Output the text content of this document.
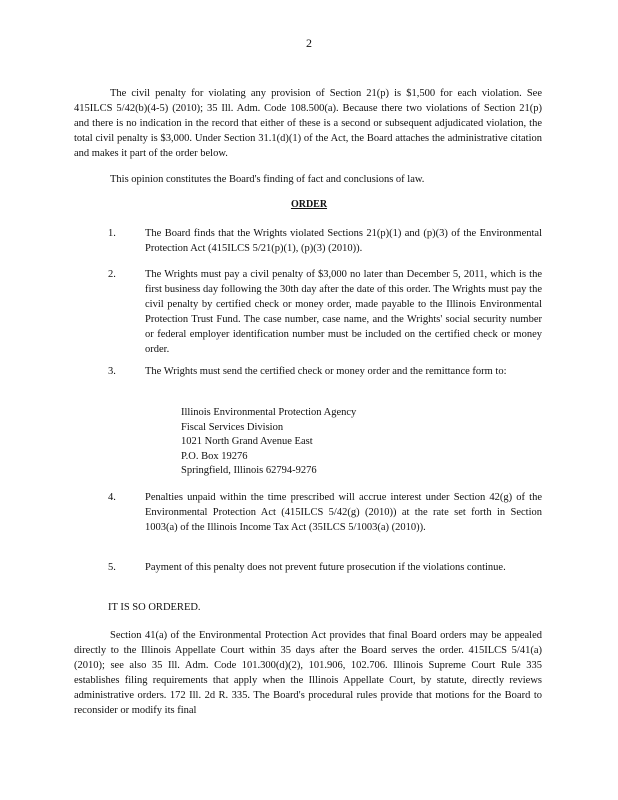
2

The civil penalty for violating any provision of Section 21(p) is $1,500 for each violation. See 415ILCS 5/42(b)(4-5) (2010); 35 Ill. Adm. Code 108.500(a). Because there two violations of Section 21(p) and there is no indication in the record that either of these is a second or subsequent adjudicated violation, the total civil penalty is $3,000. Under Section 31.1(d)(1) of the Act, the Board attaches the administrative citation and makes it part of the order below.

This opinion constitutes the Board's finding of fact and conclusions of law.

ORDER
1.	The Board finds that the Wrights violated Sections 21(p)(1) and (p)(3) of the Environmental Protection Act (415ILCS 5/21(p)(1), (p)(3) (2010)).
2.	The Wrights must pay a civil penalty of $3,000 no later than December 5, 2011, which is the first business day following the 30th day after the date of this order. The Wrights must pay the civil penalty by certified check or money order, made payable to the Illinois Environmental Protection Trust Fund. The case number, case name, and the Wrights' social security number or federal employer identification number must be included on the certified check or money order.
3.	The Wrights must send the certified check or money order and the remittance form to:
Illinois Environmental Protection Agency
Fiscal Services Division
1021 North Grand Avenue East
P.O. Box 19276
Springfield, Illinois 62794-9276
4.	Penalties unpaid within the time prescribed will accrue interest under Section 42(g) of the Environmental Protection Act (415ILCS 5/42(g) (2010)) at the rate set forth in Section 1003(a) of the Illinois Income Tax Act (35ILCS 5/1003(a) (2010)).
5.	Payment of this penalty does not prevent future prosecution if the violations continue.
IT IS SO ORDERED.

Section 41(a) of the Environmental Protection Act provides that final Board orders may be appealed directly to the Illinois Appellate Court within 35 days after the Board serves the order. 415ILCS 5/41(a) (2010); see also 35 Ill. Adm. Code 101.300(d)(2), 101.906, 102.706. Illinois Supreme Court Rule 335 establishes filing requirements that apply when the Illinois Appellate Court, by statute, directly reviews administrative orders. 172 Ill. 2d R. 335. The Board's procedural rules provide that motions for the Board to reconsider or modify its final
